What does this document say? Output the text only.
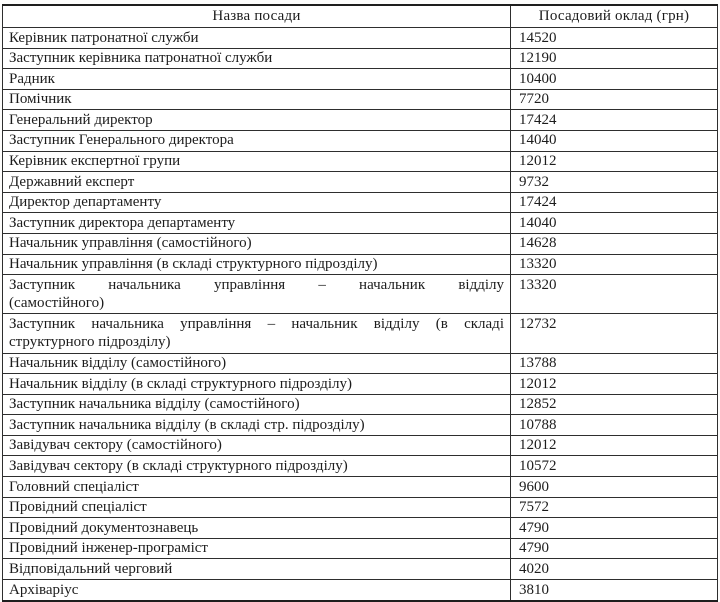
Назва посади	Посадовий оклад (грн)
Керівник патронатної служби	14520
Заступник керівника патронатної служби	12190
Радник	10400
Помічник	7720
Генеральний директор	17424
Заступник Генерального директора	14040
Керівник експертної групи	12012
Державний експерт	9732
Директор департаменту	17424
Заступник директора департаменту	14040
Начальник управління (самостійного)	14628
Начальник управління (в складі структурного підрозділу)	13320

Заступник начальника управління – начальник відділу
(самостійного)	13320

Заступник начальника управління – начальник відділу (в складі
структурного підрозділу)	12732
Начальник відділу (самостійного)	13788
Начальник відділу (в складі структурного підрозділу)	12012
Заступник начальника відділу (самостійного)	12852
Заступник начальника відділу (в складі стр. підрозділу)	10788
Завідувач сектору (самостійного)	12012
Завідувач сектору (в складі структурного підрозділу)	10572
Головний спеціаліст	9600
Провідний спеціаліст	7572
Провідний документознавець	4790
Провідний інженер-програміст	4790
Відповідальний черговий	4020
Архіваріус	3810
